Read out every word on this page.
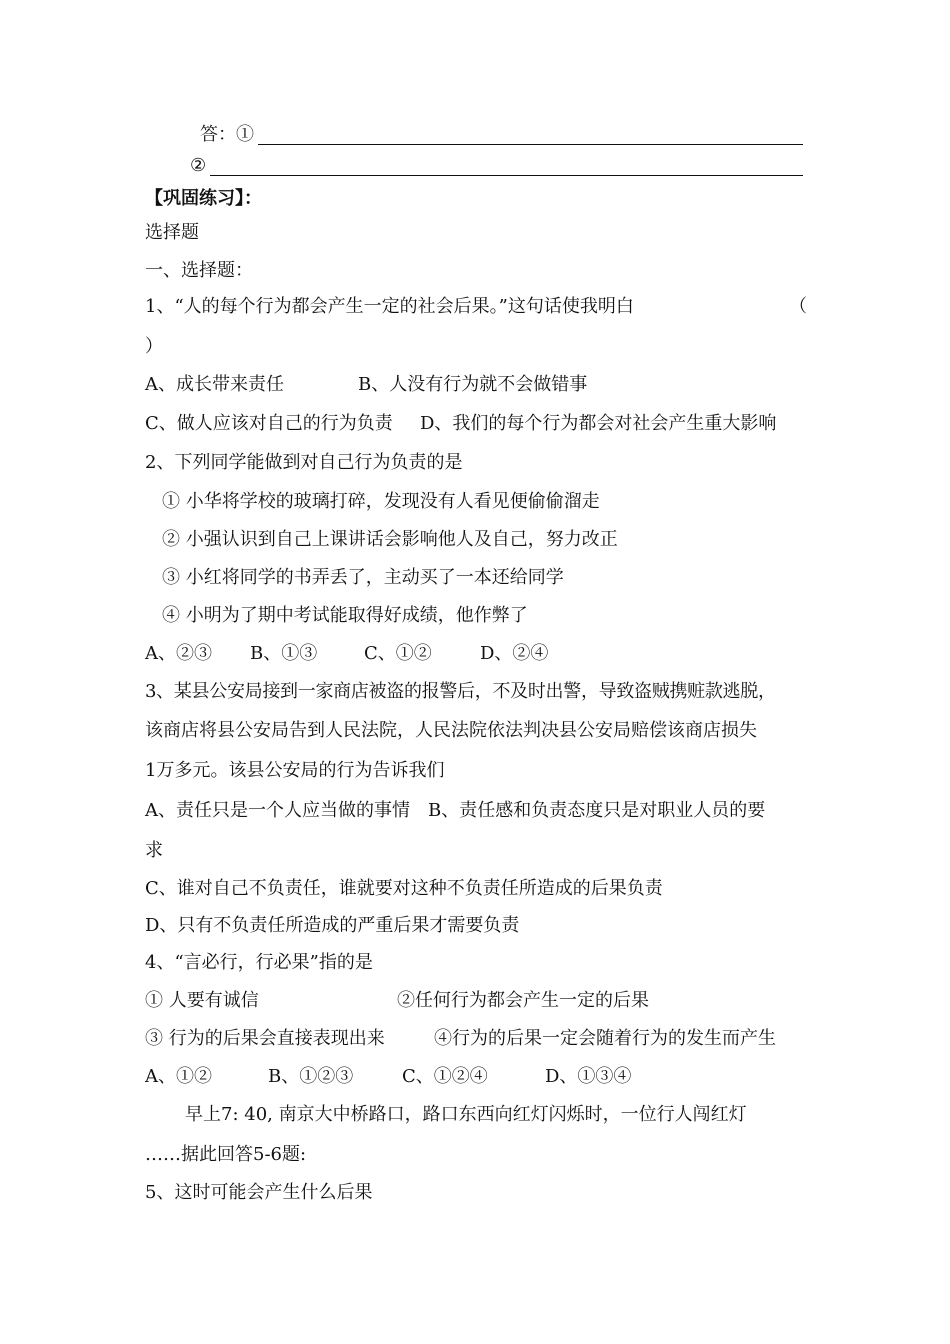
答：①
②
【巩固练习】：
选择题
一、选择题：
1、“人的每个行为都会产生一定的社会后果。”这句话使我明白	（
）
A、成长带来责任	B、人没有行为就不会做错事
C、做人应该对自己的行为负责 D、我们的每个行为都会对社会产生重大影响
2、下列同学能做到对自己行为负责的是
① 小华将学校的玻璃打碎，发现没有人看见便偷偷溜走
② 小强认识到自己上课讲话会影响他人及自己，努力改正
③ 小红将同学的书弄丢了，主动买了一本还给同学
④ 小明为了期中考试能取得好成绩，他作弊了
A、②③ B、①③	C、①②	D、②④
3、某县公安局接到一家商店被盗的报警后，不及时出警，导致盗贼携赃款逃脱，
该商店将县公安局告到人民法院，人民法院依法判决县公安局赔偿该商店损失
1万多元。该县公安局的行为告诉我们
A、责任只是一个人应当做的事情　B、责任感和负责态度只是对职业人员的要
求
C、谁对自己不负责任，谁就要对这种不负责任所造成的后果负责
D、只有不负责任所造成的严重后果才需要负责
4、“言必行，行必果”指的是
① 人要有诚信	②任何行为都会产生一定的后果
③ 行为的后果会直接表现出来	④行为的后果一定会随着行为的发生而产生
A、①②	B、①②③	C、①②④	D、①③④
早上7: 40, 南京大中桥路口，路口东西向红灯闪烁时，一位行人闯红灯
……据此回答5-6题:
5、这时可能会产生什么后果
